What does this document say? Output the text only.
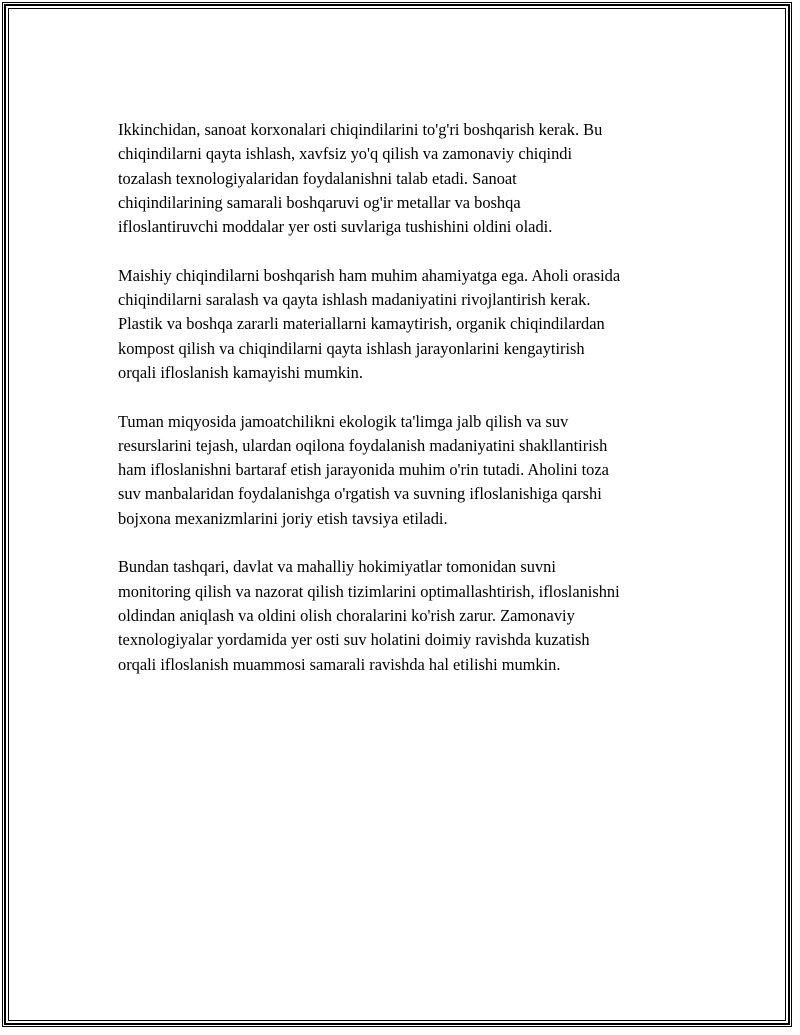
Ikkinchidan, sanoat korxonalari chiqindilarini to'g'ri boshqarish kerak. Bu
chiqindilarni qayta ishlash, xavfsiz yo'q qilish va zamonaviy chiqindi
tozalash texnologiyalaridan foydalanishni talab etadi. Sanoat
chiqindilarining samarali boshqaruvi og'ir metallar va boshqa
ifloslantiruvchi moddalar yer osti suvlariga tushishini oldini oladi.

Maishiy chiqindilarni boshqarish ham muhim ahamiyatga ega. Aholi orasida
chiqindilarni saralash va qayta ishlash madaniyatini rivojlantirish kerak.
Plastik va boshqa zararli materiallarni kamaytirish, organik chiqindilardan
kompost qilish va chiqindilarni qayta ishlash jarayonlarini kengaytirish
orqali ifloslanish kamayishi mumkin.

Tuman miqyosida jamoatchilikni ekologik ta'limga jalb qilish va suv
resurslarini tejash, ulardan oqilona foydalanish madaniyatini shakllantirish
ham ifloslanishni bartaraf etish jarayonida muhim o'rin tutadi. Aholini toza
suv manbalaridan foydalanishga o'rgatish va suvning ifloslanishiga qarshi
bojxona mexanizmlarini joriy etish tavsiya etiladi.

Bundan tashqari, davlat va mahalliy hokimiyatlar tomonidan suvni
monitoring qilish va nazorat qilish tizimlarini optimallashtirish, ifloslanishni
oldindan aniqlash va oldini olish choralarini ko'rish zarur. Zamonaviy
texnologiyalar yordamida yer osti suv holatini doimiy ravishda kuzatish
orqali ifloslanish muammosi samarali ravishda hal etilishi mumkin.
